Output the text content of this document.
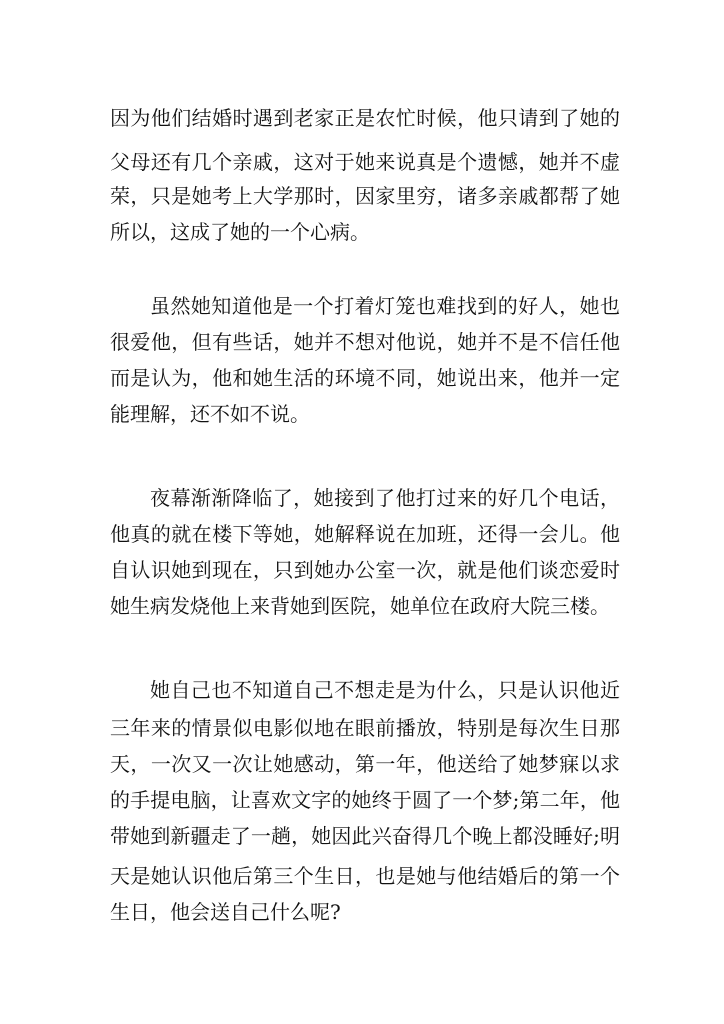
因为他们结婚时遇到老家正是农忙时候，他只请到了她的
父母还有几个亲戚，这对于她来说真是个遗憾，她并不虚
荣，只是她考上大学那时，因家里穷，诸多亲戚都帮了她
所以，这成了她的一个心病。
虽然她知道他是一个打着灯笼也难找到的好人，她也
很爱他，但有些话，她并不想对他说，她并不是不信任他
而是认为，他和她生活的环境不同，她说出来，他并一定
能理解，还不如不说。
夜幕渐渐降临了，她接到了他打过来的好几个电话，
他真的就在楼下等她，她解释说在加班，还得一会儿。他
自认识她到现在，只到她办公室一次，就是他们谈恋爱时
她生病发烧他上来背她到医院，她单位在政府大院三楼。
她自己也不知道自己不想走是为什么，只是认识他近
三年来的情景似电影似地在眼前播放，特别是每次生日那
天，一次又一次让她感动，第一年，他送给了她梦寐以求
的手提电脑，让喜欢文字的她终于圆了一个梦;第二年，他
带她到新疆走了一趟，她因此兴奋得几个晚上都没睡好;明
天是她认识他后第三个生日，也是她与他结婚后的第一个
生日，他会送自己什么呢?
